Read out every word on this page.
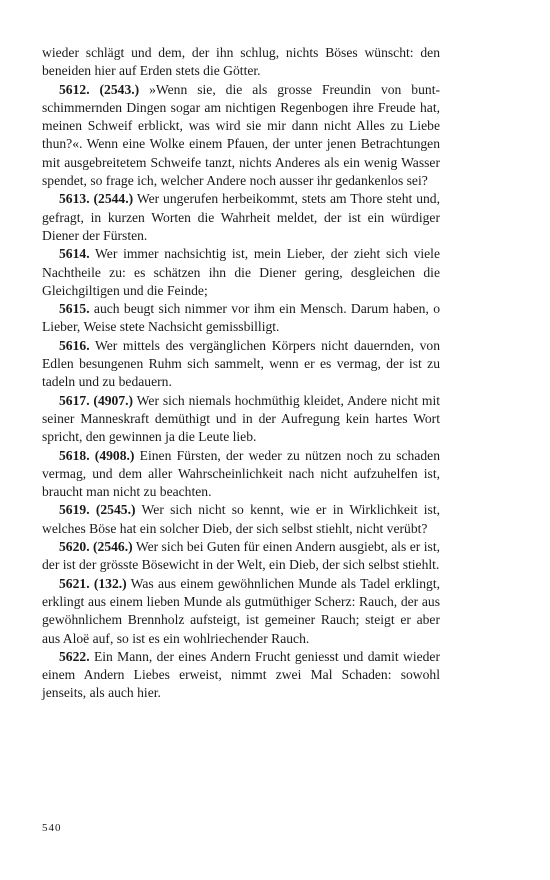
wieder schlägt und dem, der ihn schlug, nichts Böses wünscht: den beneiden hier auf Erden stets die Götter.

5612. (2543.) »Wenn sie, die als grosse Freundin von buntschimmernden Dingen sogar am nichtigen Regenbogen ihre Freude hat, meinen Schweif erblickt, was wird sie mir dann nicht Alles zu Liebe thun?«. Wenn eine Wolke einem Pfauen, der unter jenen Betrachtungen mit ausgebreitetem Schweife tanzt, nichts Anderes als ein wenig Wasser spendet, so frage ich, welcher Andere noch ausser ihr gedankenlos sei?

5613. (2544.) Wer ungerufen herbeikommt, stets am Thore steht und, gefragt, in kurzen Worten die Wahrheit meldet, der ist ein würdiger Diener der Fürsten.

5614. Wer immer nachsichtig ist, mein Lieber, der zieht sich viele Nachtheile zu: es schätzen ihn die Diener gering, desgleichen die Gleichgiltigen und die Feinde;

5615. auch beugt sich nimmer vor ihm ein Mensch. Darum haben, o Lieber, Weise stete Nachsicht gemissbilligt.

5616. Wer mittels des vergänglichen Körpers nicht dauernden, von Edlen besungenen Ruhm sich sammelt, wenn er es vermag, der ist zu tadeln und zu bedauern.

5617. (4907.) Wer sich niemals hochmüthig kleidet, Andere nicht mit seiner Manneskraft demüthigt und in der Aufregung kein hartes Wort spricht, den gewinnen ja die Leute lieb.

5618. (4908.) Einen Fürsten, der weder zu nützen noch zu schaden vermag, und dem aller Wahrscheinlichkeit nach nicht aufzuhelfen ist, braucht man nicht zu beachten.

5619. (2545.) Wer sich nicht so kennt, wie er in Wirklichkeit ist, welches Böse hat ein solcher Dieb, der sich selbst stiehlt, nicht verübt?

5620. (2546.) Wer sich bei Guten für einen Andern ausgiebt, als er ist, der ist der grösste Bösewicht in der Welt, ein Dieb, der sich selbst stiehlt.

5621. (132.) Was aus einem gewöhnlichen Munde als Tadel erklingt, erklingt aus einem lieben Munde als gutmüthiger Scherz: Rauch, der aus gewöhnlichem Brennholz aufsteigt, ist gemeiner Rauch; steigt er aber aus Aloë auf, so ist es ein wohlriechender Rauch.

5622. Ein Mann, der eines Andern Frucht geniesst und damit wieder einem Andern Liebes erweist, nimmt zwei Mal Schaden: sowohl jenseits, als auch hier.

540
